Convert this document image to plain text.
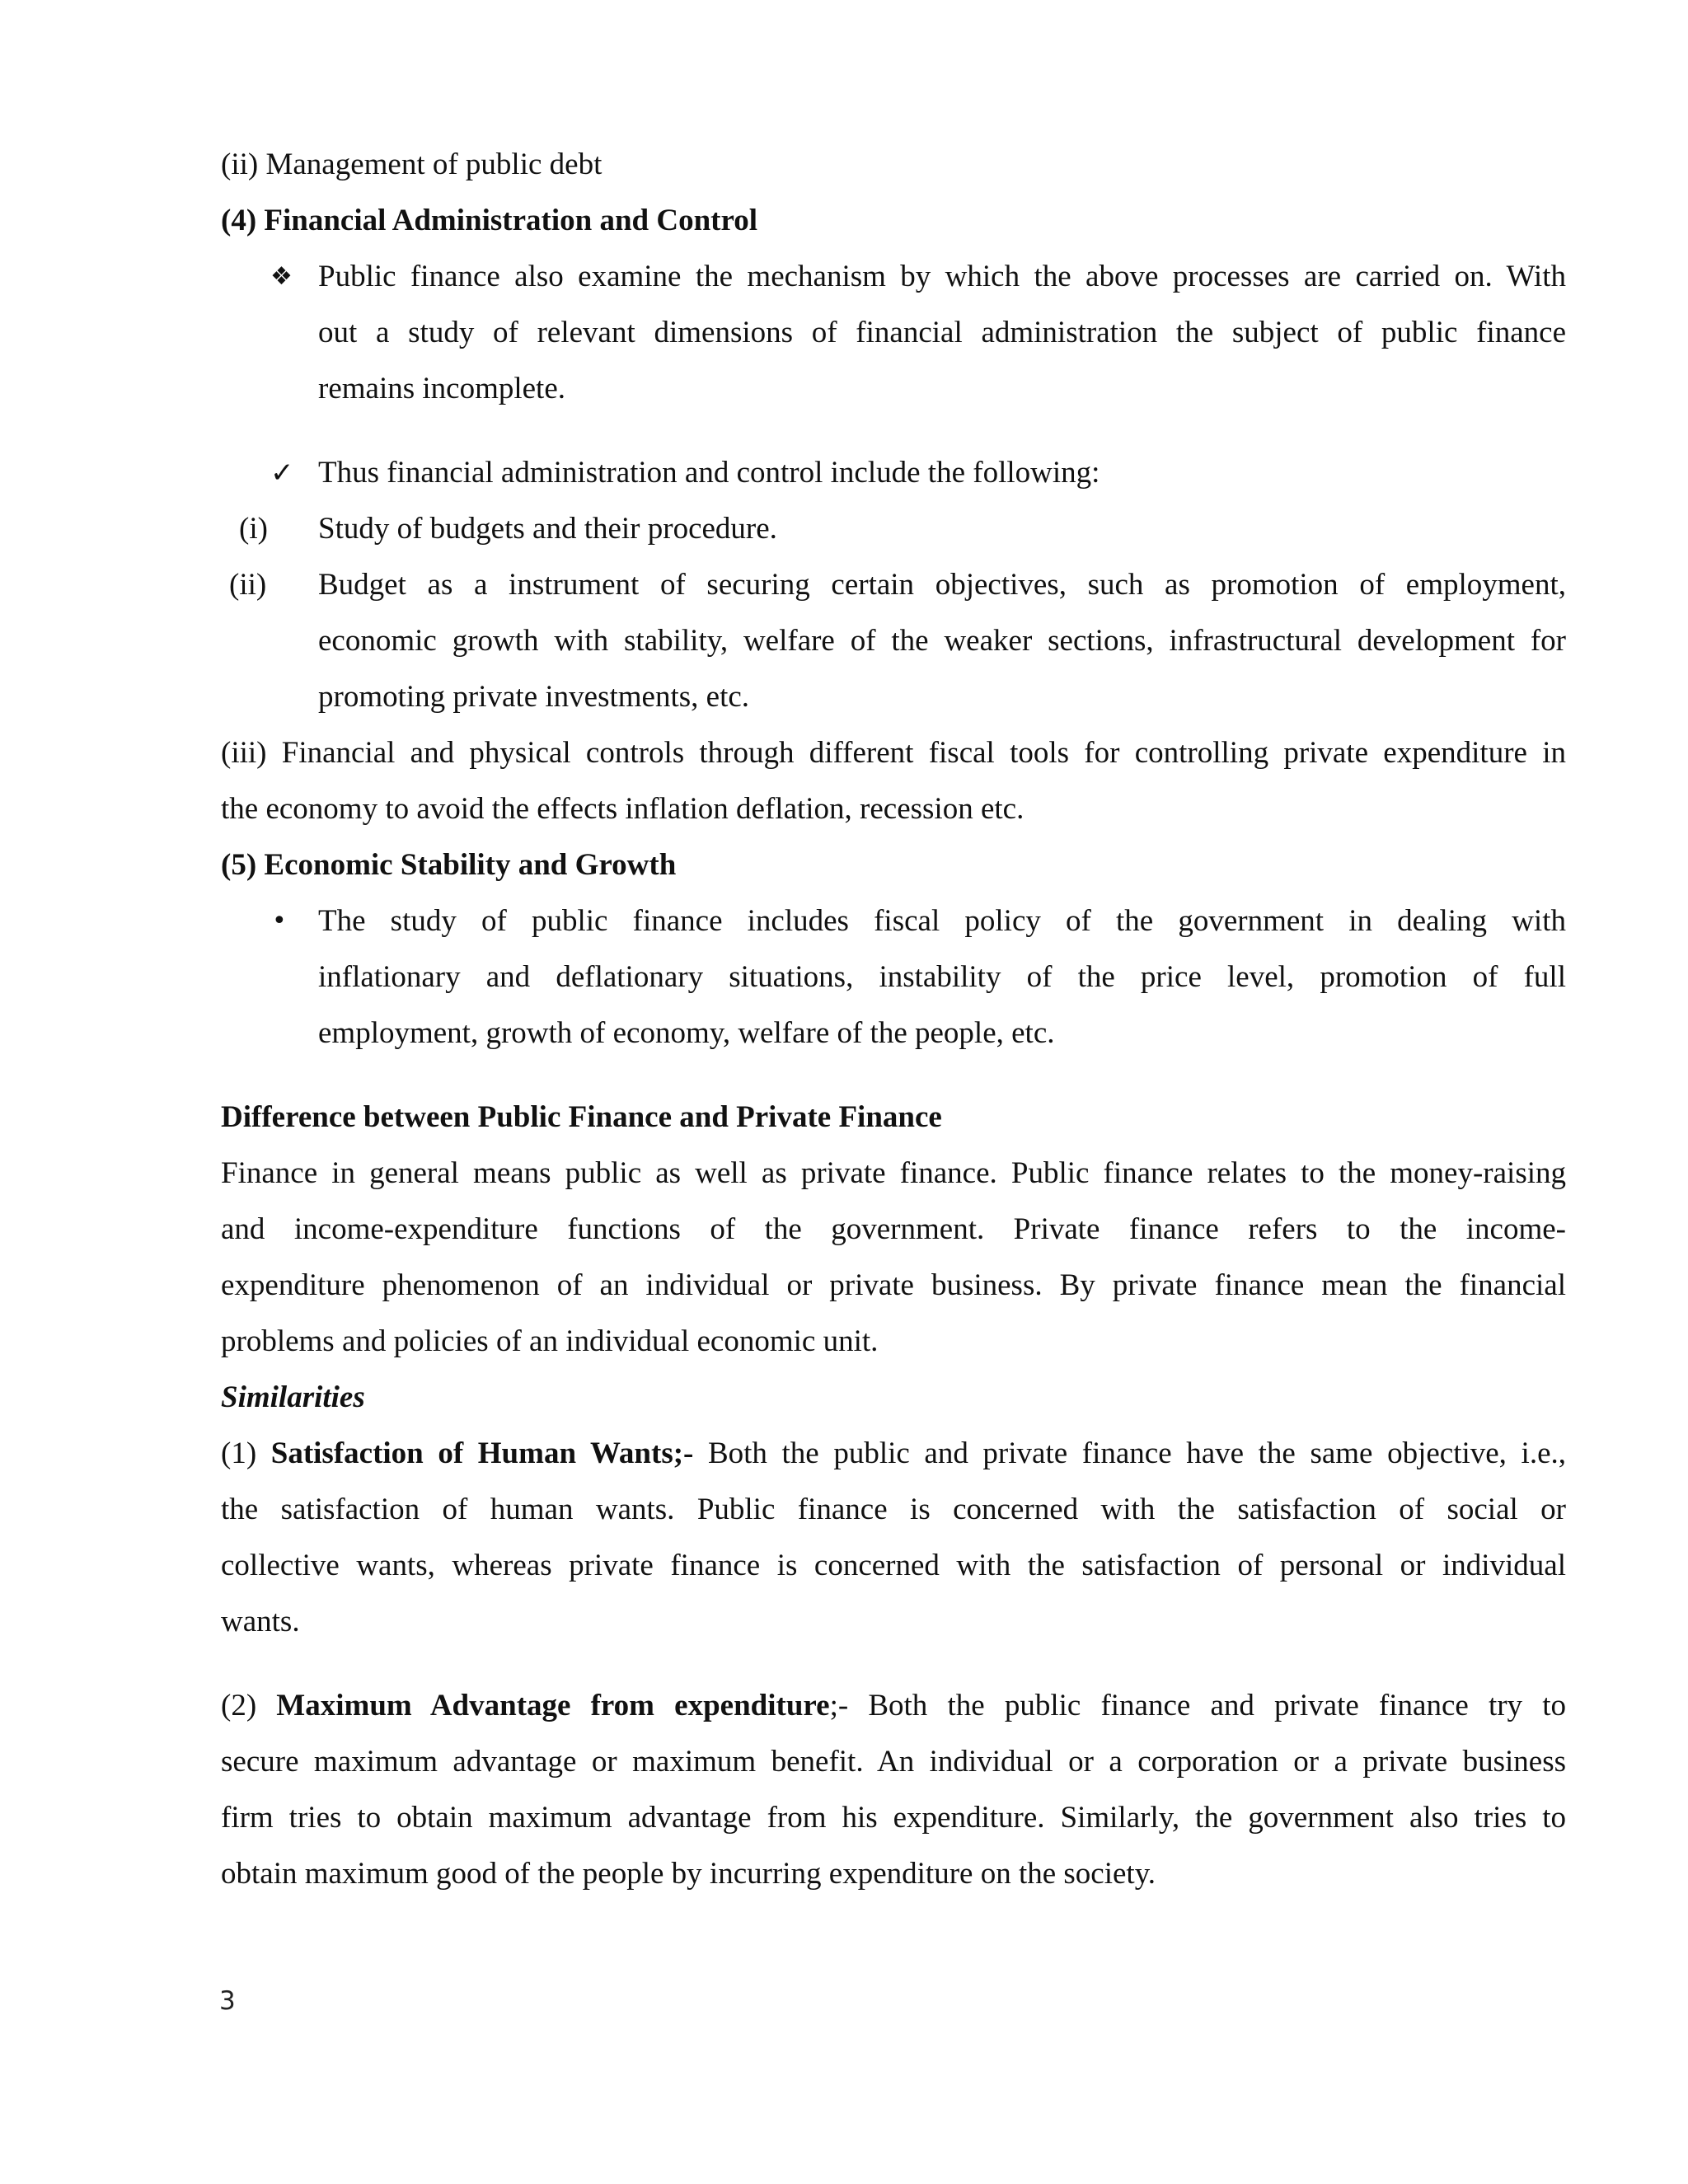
(ii) Management of public debt
(4) Financial Administration and Control
❖ Public finance also examine the mechanism by which the above processes are carried on. With
out a study of relevant dimensions of financial administration the subject of public finance
remains incomplete.
✓ Thus financial administration and control include the following:
(i) Study of budgets and their procedure.
(ii) Budget as a instrument of securing certain objectives, such as promotion of employment,
economic growth with stability, welfare of the weaker sections, infrastructural development for
promoting private investments, etc.
(iii) Financial and physical controls through different fiscal tools for controlling private expenditure in
the economy to avoid the effects inflation deflation, recession etc.
(5) Economic Stability and Growth
• The study of public finance includes fiscal policy of the government in dealing with
inflationary and deflationary situations, instability of the price level, promotion of full
employment, growth of economy, welfare of the people, etc.
Difference between Public Finance and Private Finance
Finance in general means public as well as private finance. Public finance relates to the money-raising
and income-expenditure functions of the government. Private finance refers to the income-
expenditure phenomenon of an individual or private business. By private finance mean the financial
problems and policies of an individual economic unit.
Similarities
(1) Satisfaction of Human Wants;- Both the public and private finance have the same objective, i.e.,
the satisfaction of human wants. Public finance is concerned with the satisfaction of social or
collective wants, whereas private finance is concerned with the satisfaction of personal or individual
wants.
(2) Maximum Advantage from expenditure;- Both the public finance and private finance try to
secure maximum advantage or maximum benefit. An individual or a corporation or a private business
firm tries to obtain maximum advantage from his expenditure. Similarly, the government also tries to
obtain maximum good of the people by incurring expenditure on the society.
3
